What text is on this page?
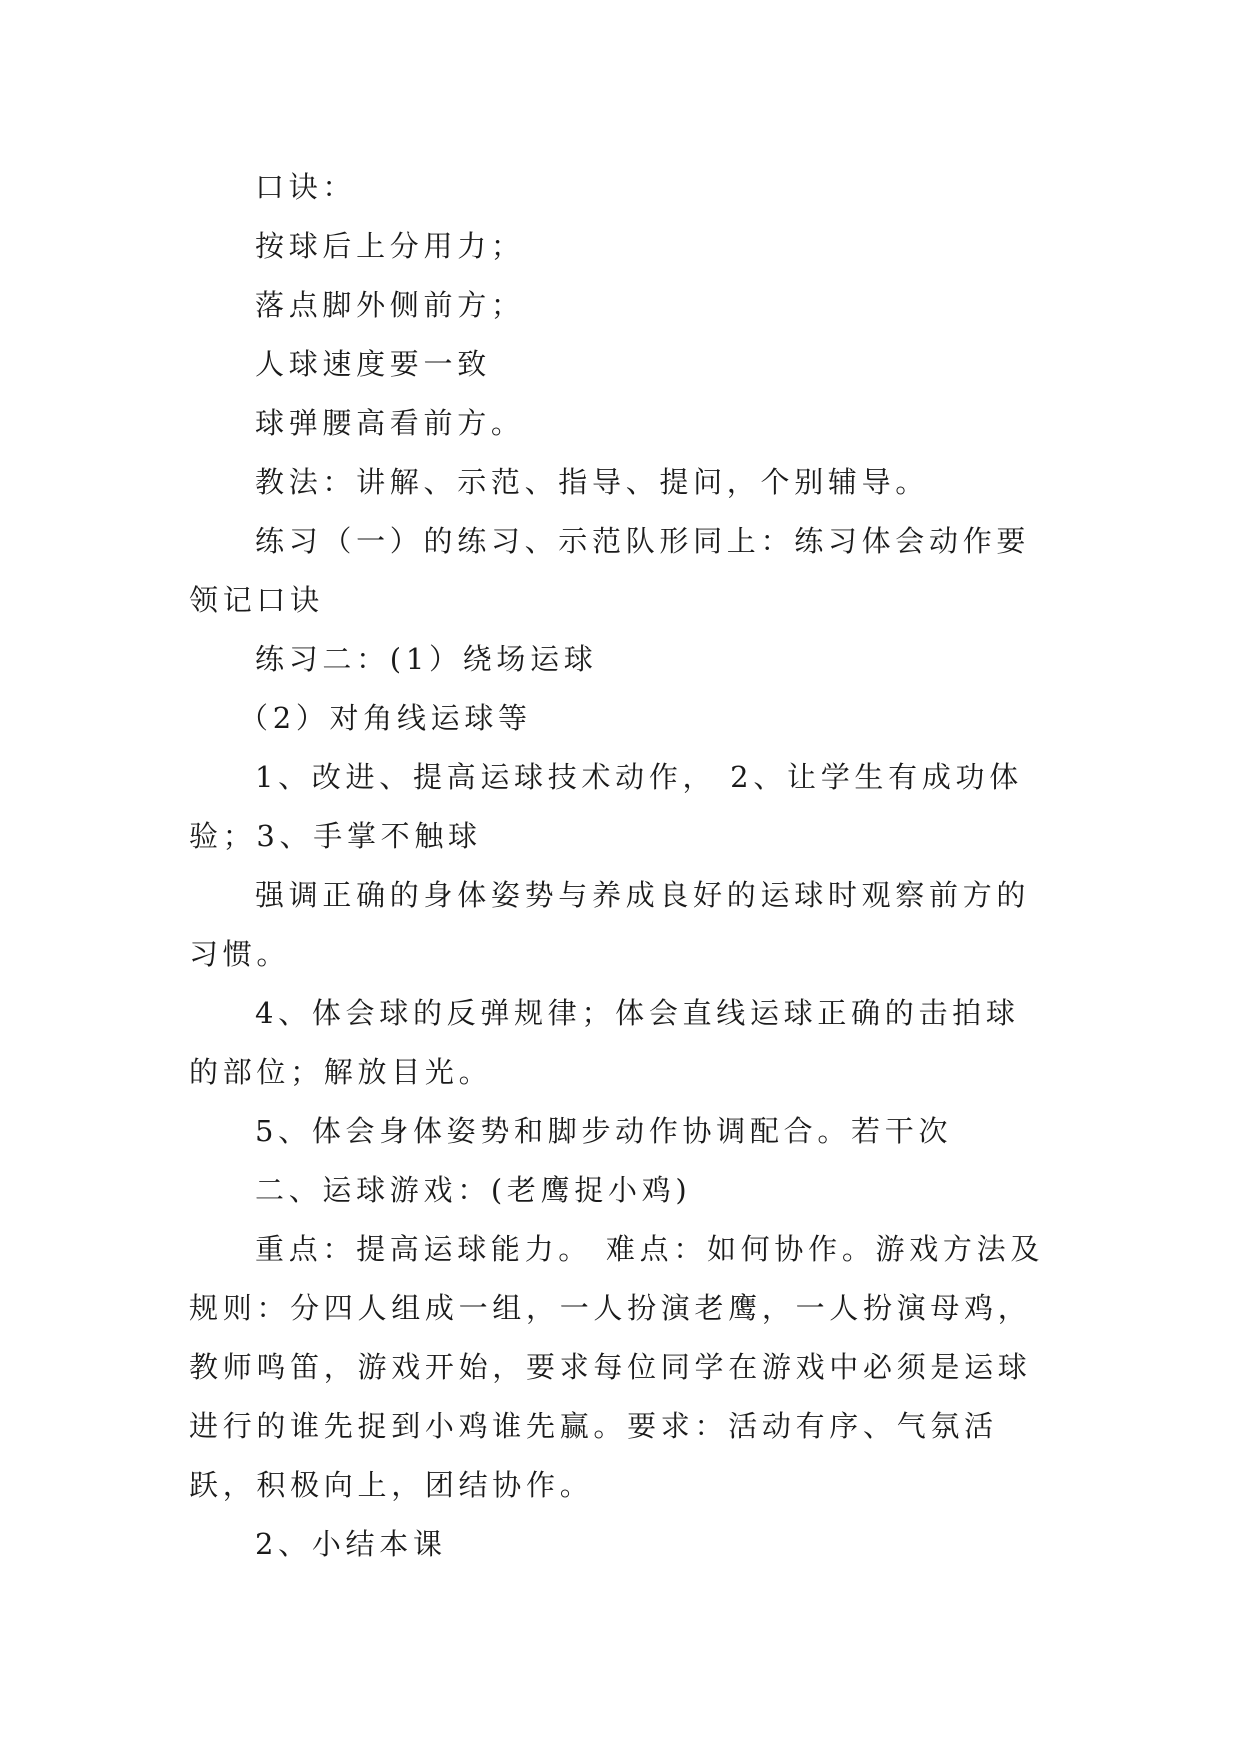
口诀：

按球后上分用力；

落点脚外侧前方；

人球速度要一致

球弹腰高看前方。

教法：讲解、示范、指导、提问，个别辅导。

练习（一）的练习、示范队形同上：练习体会动作要领记口诀

练习二：(1）绕场运球

（2）对角线运球等

1、改进、提高运球技术动作， 2、让学生有成功体验；3、手掌不触球

强调正确的身体姿势与养成良好的运球时观察前方的习惯。

4、体会球的反弹规律；体会直线运球正确的击拍球的部位；解放目光。

5、体会身体姿势和脚步动作协调配合。若干次

二、运球游戏：(老鹰捉小鸡)

重点：提高运球能力。 难点：如何协作。游戏方法及规则：分四人组成一组，一人扮演老鹰，一人扮演母鸡，教师鸣笛，游戏开始，要求每位同学在游戏中必须是运球进行的谁先捉到小鸡谁先赢。要求：活动有序、气氛活跃，积极向上，团结协作。

2、小结本课
